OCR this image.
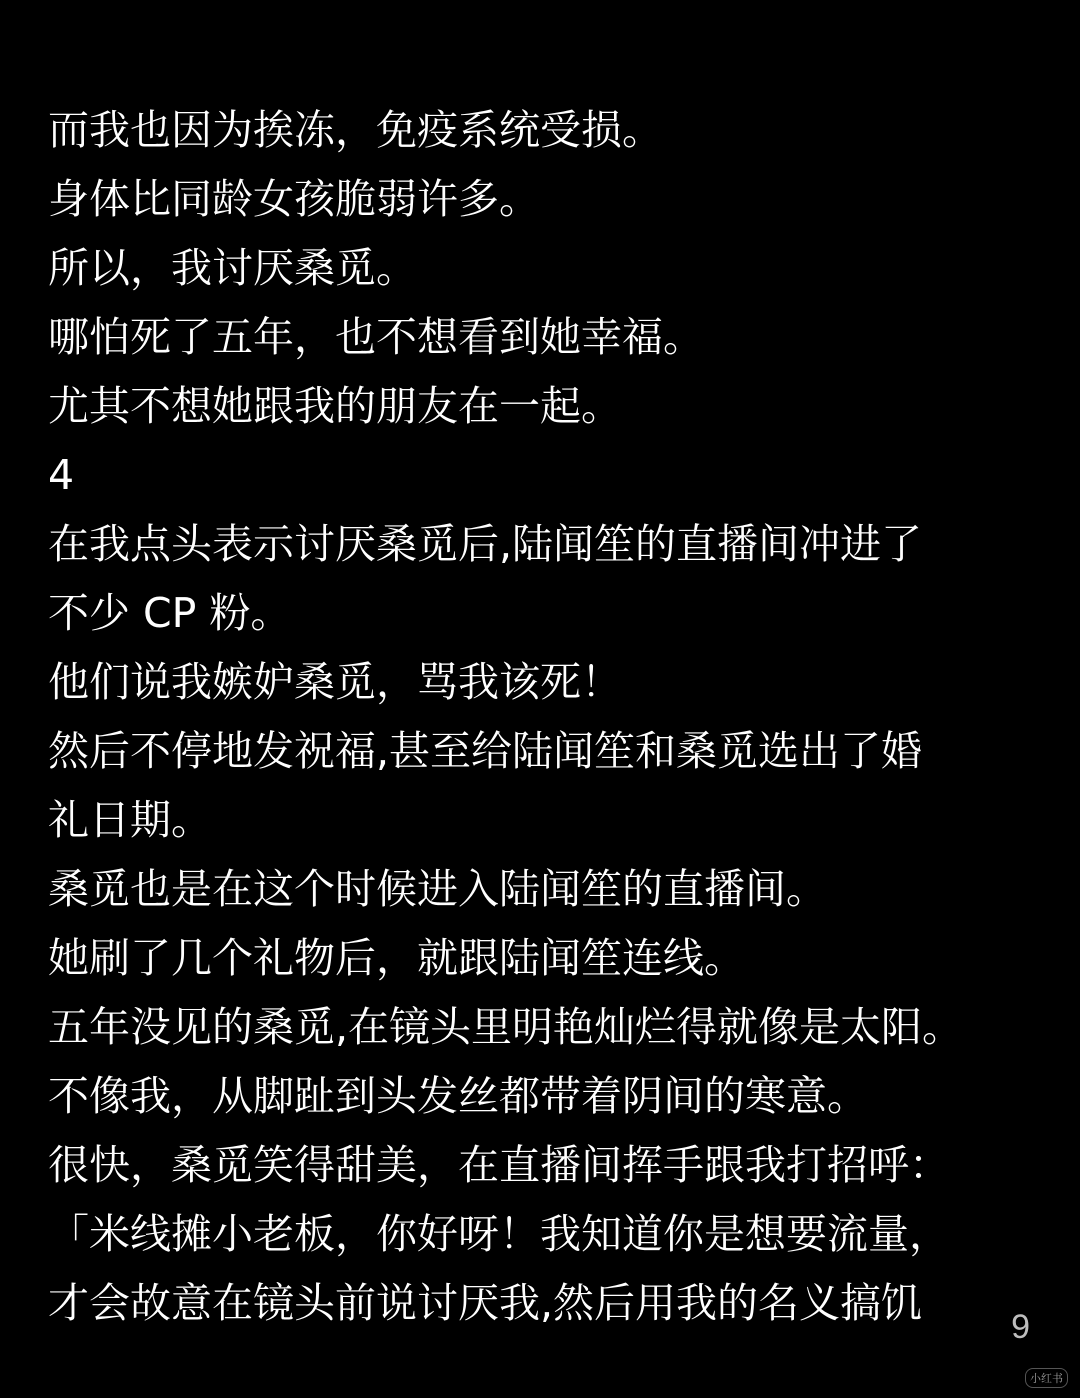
而我也因为挨冻，免疫系统受损。
身体比同龄女孩脆弱许多。
所以，我讨厌桑觅。
哪怕死了五年，也不想看到她幸福。
尤其不想她跟我的朋友在一起。
4
在我点头表示讨厌桑觅后,陆闻笙的直播间冲进了
不少 CP 粉。
他们说我嫉妒桑觅，骂我该死！
然后不停地发祝福,甚至给陆闻笙和桑觅选出了婚
礼日期。
桑觅也是在这个时候进入陆闻笙的直播间。
她刷了几个礼物后，就跟陆闻笙连线。
五年没见的桑觅,在镜头里明艳灿烂得就像是太阳。
不像我，从脚趾到头发丝都带着阴间的寒意。
很快，桑觅笑得甜美，在直播间挥手跟我打招呼：
「米线摊小老板，你好呀！我知道你是想要流量，
才会故意在镜头前说讨厌我,然后用我的名义搞饥	9
小红书
